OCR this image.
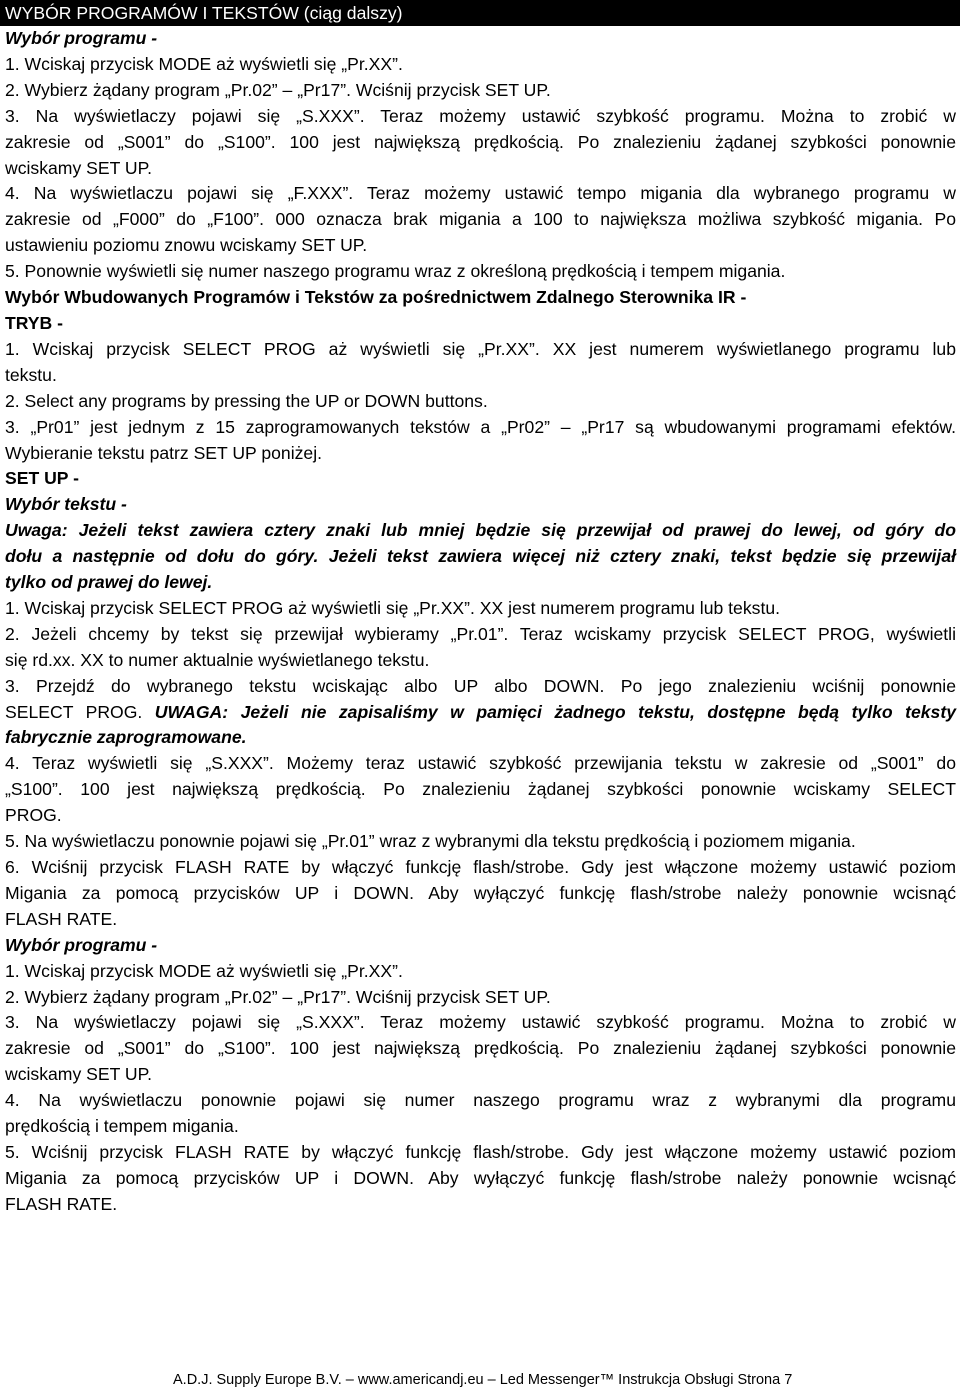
WYBÓR PROGRAMÓW I TEKSTÓW (ciąg dalszy)
Wybór programu -
1. Wciskaj przycisk MODE aż wyświetli się „Pr.XX”.
2. Wybierz żądany program „Pr.02” – „Pr17”. Wciśnij przycisk SET UP.
3. Na wyświetlaczy pojawi się „S.XXX”. Teraz możemy ustawić szybkość programu. Można to zrobić w
zakresie od „S001” do „S100”. 100 jest największą prędkością. Po znalezieniu żądanej szybkości ponownie
wciskamy SET UP.
4. Na wyświetlaczu pojawi się „F.XXX”. Teraz możemy ustawić tempo migania dla wybranego programu w
zakresie od „F000” do „F100”. 000 oznacza brak migania a 100 to największa możliwa szybkość migania. Po
ustawieniu poziomu znowu wciskamy SET UP.
5. Ponownie wyświetli się numer naszego programu wraz z określoną prędkością i tempem migania.
Wybór Wbudowanych Programów i Tekstów za pośrednictwem Zdalnego Sterownika IR -
TRYB -
1. Wciskaj przycisk SELECT PROG aż wyświetli się „Pr.XX”. XX jest numerem wyświetlanego programu lub
tekstu.
2. Select any programs by pressing the UP or DOWN buttons.
3. „Pr01” jest jednym z 15 zaprogramowanych tekstów a „Pr02” – „Pr17 są wbudowanymi programami efektów.
Wybieranie tekstu patrz SET UP poniżej.
SET UP -
Wybór tekstu -
Uwaga: Jeżeli tekst zawiera cztery znaki lub mniej będzie się przewijał od prawej do lewej, od góry do
dołu a następnie od dołu do góry. Jeżeli tekst zawiera więcej niż cztery znaki, tekst będzie się przewijał
tylko od prawej do lewej.
1. Wciskaj przycisk SELECT PROG aż wyświetli się „Pr.XX”. XX jest numerem programu lub tekstu.
2. Jeżeli chcemy by tekst się przewijał wybieramy „Pr.01”. Teraz wciskamy przycisk SELECT PROG, wyświetli
się rd.xx. XX to numer aktualnie wyświetlanego tekstu.
3. Przejdź do wybranego tekstu wciskając albo UP albo DOWN. Po jego znalezieniu wciśnij ponownie
SELECT PROG. UWAGA: Jeżeli nie zapisaliśmy w pamięci żadnego tekstu, dostępne będą tylko teksty
fabrycznie zaprogramowane.
4. Teraz wyświetli się „S.XXX”. Możemy teraz ustawić szybkość przewijania tekstu w zakresie od „S001” do
„S100”. 100 jest największą prędkością. Po znalezieniu żądanej szybkości ponownie wciskamy SELECT
PROG.
5. Na wyświetlaczu ponownie pojawi się „Pr.01” wraz z wybranymi dla tekstu prędkością i poziomem migania.
6. Wciśnij przycisk FLASH RATE by włączyć funkcję flash/strobe. Gdy jest włączone możemy ustawić poziom
Migania za pomocą przycisków UP i DOWN. Aby wyłączyć funkcję flash/strobe należy ponownie wcisnąć
FLASH RATE.
Wybór programu -
1. Wciskaj przycisk MODE aż wyświetli się „Pr.XX”.
2. Wybierz żądany program „Pr.02” – „Pr17”. Wciśnij przycisk SET UP.
3. Na wyświetlaczy pojawi się „S.XXX”. Teraz możemy ustawić szybkość programu. Można to zrobić w
zakresie od „S001” do „S100”. 100 jest największą prędkością. Po znalezieniu żądanej szybkości ponownie
wciskamy SET UP.
4. Na wyświetlaczu ponownie pojawi się numer naszego programu wraz z wybranymi dla programu
prędkością i tempem migania.
5. Wciśnij przycisk FLASH RATE by włączyć funkcję flash/strobe. Gdy jest włączone możemy ustawić poziom
Migania za pomocą przycisków UP i DOWN. Aby wyłączyć funkcję flash/strobe należy ponownie wcisnąć
FLASH RATE.
A.D.J. Supply Europe B.V. – www.americandj.eu – Led Messenger™ Instrukcja Obsługi Strona 7
